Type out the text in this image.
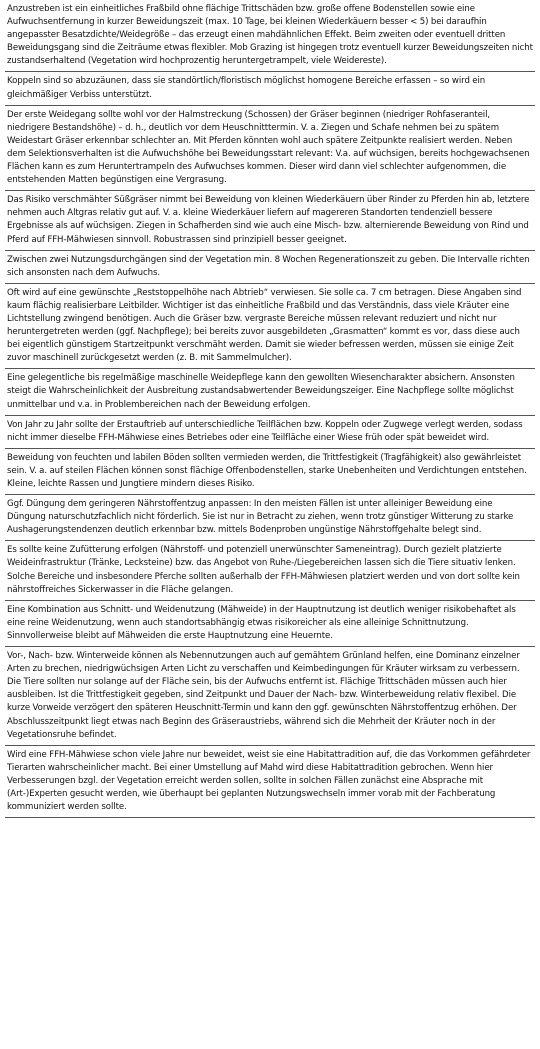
Anzustreben ist ein einheitliches Fraßbild ohne flächige Trittschäden bzw. große offene Bodenstellen sowie eine Aufwuchsentfernung in kurzer Beweidungszeit (max. 10 Tage, bei kleinen Wiederkäuern besser < 5) bei daraufhin angepasster Besatzdichte/Weidegröße – das erzeugt einen mahdähnlichen Effekt. Beim zweiten oder eventuell dritten Beweidungsgang sind die Zeiträume etwas flexibler. Mob Grazing ist hingegen trotz eventuell kurzer Beweidungszeiten nicht zustandserhaltend (Vegetation wird hochprozentig heruntergetrampelt, viele Weidereste).
Koppeln sind so abzuzäunen, dass sie standörtlich/floristisch möglichst homogene Bereiche erfassen – so wird ein gleichmäßiger Verbiss unterstützt.
Der erste Weidegang sollte wohl vor der Halmstreckung (Schossen) der Gräser beginnen (niedriger Rohfaseranteil, niedrigere Bestandshöhe) – d. h., deutlich vor dem Heuschnitttermin. V. a. Ziegen und Schafe nehmen bei zu spätem Weidestart Gräser erkennbar schlechter an. Mit Pferden könnten wohl auch spätere Zeitpunkte realisiert werden. Neben dem Selektionsverhalten ist die Aufwuchshöhe bei Beweidungsstart relevant: V.a. auf wüchsigen, bereits hochgewachsenen Flächen kann es zum Heruntertrampeln des Aufwuchses kommen. Dieser wird dann viel schlechter aufgenommen, die entstehenden Matten begünstigen eine Vergrasung.
Das Risiko verschmähter Süßgräser nimmt bei Beweidung von kleinen Wiederkäuern über Rinder zu Pferden hin ab, letztere nehmen auch Altgras relativ gut auf. V. a. kleine Wiederkäuer liefern auf magereren Standorten tendenziell bessere Ergebnisse als auf wüchsigen. Ziegen in Schafherden sind wie auch eine Misch- bzw. alternierende Beweidung von Rind und Pferd auf FFH-Mähwiesen sinnvoll. Robustrassen sind prinzipiell besser geeignet.
Zwischen zwei Nutzungsdurchgängen sind der Vegetation min. 8 Wochen Regenerationszeit zu geben. Die Intervalle richten sich ansonsten nach dem Aufwuchs.
Oft wird auf eine gewünschte „Reststoppelhöhe nach Abtrieb“ verwiesen. Sie solle ca. 7 cm betragen. Diese Angaben sind kaum flächig realisierbare Leitbilder. Wichtiger ist das einheitliche Fraßbild und das Verständnis, dass viele Kräuter eine Lichtstellung zwingend benötigen. Auch die Gräser bzw. vergraste Bereiche müssen relevant reduziert und nicht nur heruntergetreten werden (ggf. Nachpflege); bei bereits zuvor ausgebildeten „Grasmatten“ kommt es vor, dass diese auch bei eigentlich günstigem Startzeitpunkt verschmäht werden. Damit sie wieder befressen werden, müssen sie einige Zeit zuvor maschinell zurückgesetzt werden (z. B. mit Sammelmulcher).
Eine gelegentliche bis regelmäßige maschinelle Weidepflege kann den gewollten Wiesencharakter absichern. Ansonsten steigt die Wahrscheinlichkeit der Ausbreitung zustandsabwertender Beweidungszeiger. Eine Nachpflege sollte möglichst unmittelbar und v.a. in Problembereichen nach der Beweidung erfolgen.
Von Jahr zu Jahr sollte der Erstauftrieb auf unterschiedliche Teilflächen bzw. Koppeln oder Zugwege verlegt werden, sodass nicht immer dieselbe FFH-Mähwiese eines Betriebes oder eine Teilfläche einer Wiese früh oder spät beweidet wird.
Beweidung von feuchten und labilen Böden sollten vermieden werden, die Trittfestigkeit (Tragfähigkeit) also gewährleistet sein. V. a. auf steilen Flächen können sonst flächige Offenbodenstellen, starke Unebenheiten und Verdichtungen entstehen. Kleine, leichte Rassen und Jungtiere mindern dieses Risiko.
Ggf. Düngung dem geringeren Nährstoffentzug anpassen: In den meisten Fällen ist unter alleiniger Beweidung eine Düngung naturschutzfachlich nicht förderlich. Sie ist nur in Betracht zu ziehen, wenn trotz günstiger Witterung zu starke Aushagerungstendenzen deutlich erkennbar bzw. mittels Bodenproben ungünstige Nährstoffgehalte belegt sind.
Es sollte keine Zufütterung erfolgen (Nährstoff- und potenziell unerwünschter Sameneintrag). Durch gezielt platzierte Weideinfrastruktur (Tränke, Lecksteine) bzw. das Angebot von Ruhe-/Liegebereichen lassen sich die Tiere situativ lenken. Solche Bereiche und insbesondere Pferche sollten außerhalb der FFH-Mähwiesen platziert werden und von dort sollte kein nährstoffreiches Sickerwasser in die Fläche gelangen.
Eine Kombination aus Schnitt- und Weidenutzung (Mähweide) in der Hauptnutzung ist deutlich weniger risikobehaftet als eine reine Weidenutzung, wenn auch standortsabhängig etwas risikoreicher als eine alleinige Schnittnutzung. Sinnvollerweise bleibt auf Mähweiden die erste Hauptnutzung eine Heuernte.
Vor-, Nach- bzw. Winterweide können als Nebennutzungen auch auf gemähtem Grünland helfen, eine Dominanz einzelner Arten zu brechen, niedrigwüchsigen Arten Licht zu verschaffen und Keimbedingungen für Kräuter wirksam zu verbessern. Die Tiere sollten nur solange auf der Fläche sein, bis der Aufwuchs entfernt ist. Flächige Trittschäden müssen auch hier ausbleiben. Ist die Trittfestigkeit gegeben, sind Zeitpunkt und Dauer der Nach- bzw. Winterbeweidung relativ flexibel. Die kurze Vorweide verzögert den späteren Heuschnitt-Termin und kann den ggf. gewünschten Nährstoffentzug erhöhen. Der Abschlusszeitpunkt liegt etwas nach Beginn des Gräseraustriebs, während sich die Mehrheit der Kräuter noch in der Vegetationsruhe befindet.
Wird eine FFH-Mähwiese schon viele Jahre nur beweidet, weist sie eine Habitattradition auf, die das Vorkommen gefährdeter Tierarten wahrscheinlicher macht. Bei einer Umstellung auf Mahd wird diese Habitattradition gebrochen. Wenn hier Verbesserungen bzgl. der Vegetation erreicht werden sollen, sollte in solchen Fällen zunächst eine Absprache mit (Art-)Experten gesucht werden, wie überhaupt bei geplanten Nutzungswechseln immer vorab mit der Fachberatung kommuniziert werden sollte.
